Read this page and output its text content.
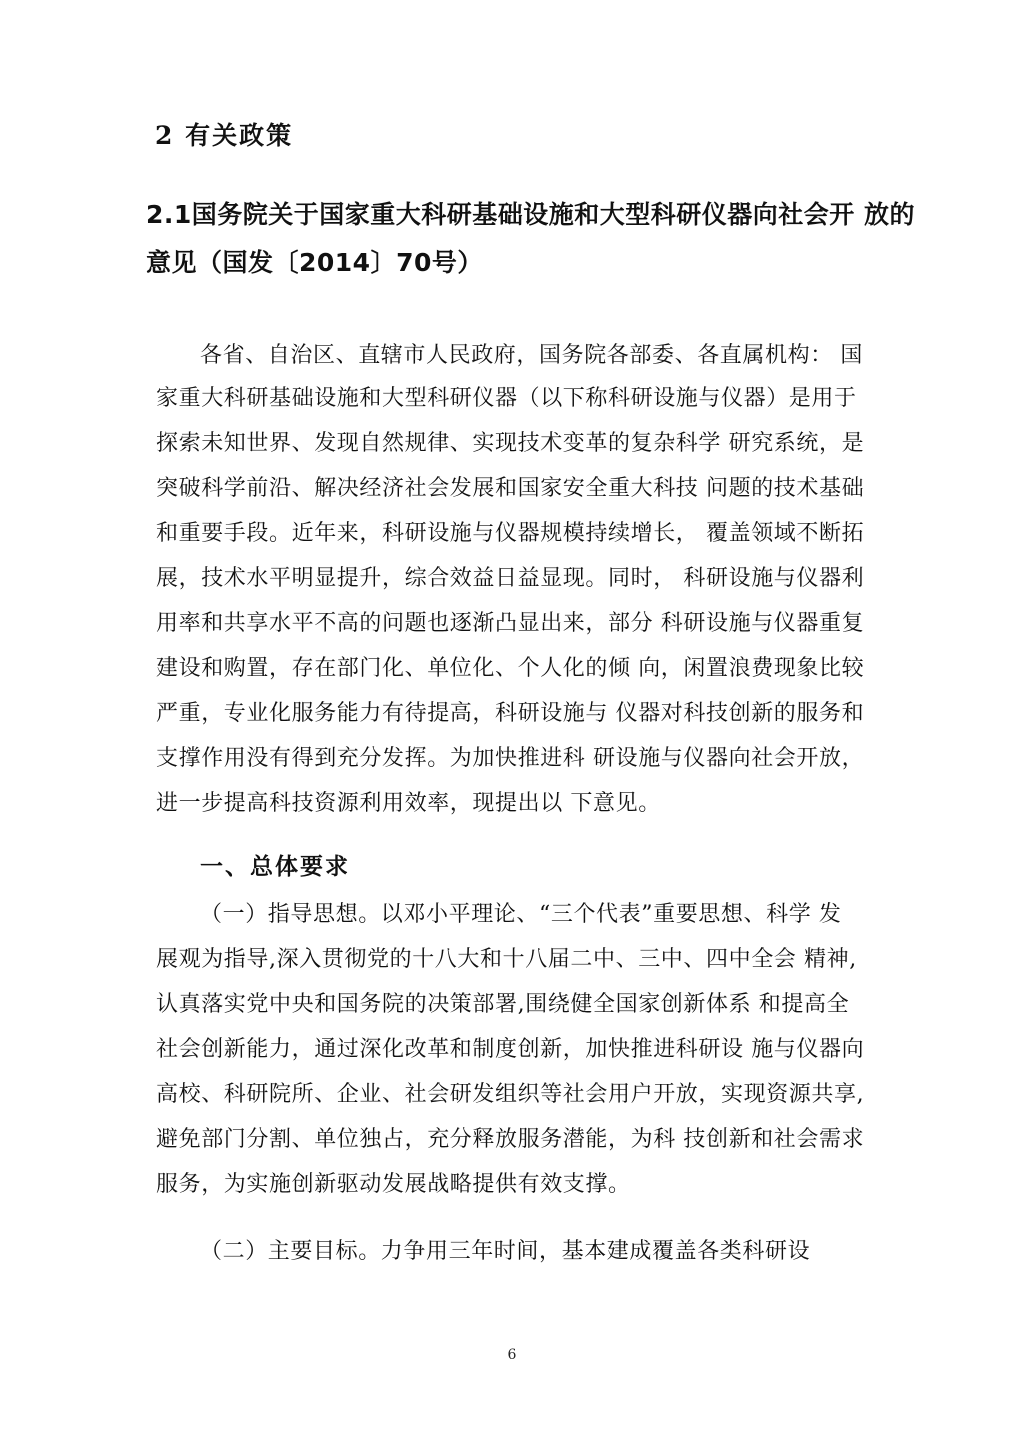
2 有关政策
2.1国务院关于国家重大科研基础设施和大型科研仪器向社会开 放的
意见（国发〔2014〕70号）
各省、自治区、直辖市人民政府，国务院各部委、各直属机构： 国
家重大科研基础设施和大型科研仪器（以下称科研设施与仪器）是用于
探索未知世界、发现自然规律、实现技术变革的复杂科学 研究系统，是
突破科学前沿、解决经济社会发展和国家安全重大科技 问题的技术基础
和重要手段。近年来，科研设施与仪器规模持续增长， 覆盖领域不断拓
展，技术水平明显提升，综合效益日益显现。同时， 科研设施与仪器利
用率和共享水平不高的问题也逐渐凸显出来，部分 科研设施与仪器重复
建设和购置，存在部门化、单位化、个人化的倾 向，闲置浪费现象比较
严重，专业化服务能力有待提高，科研设施与 仪器对科技创新的服务和
支撑作用没有得到充分发挥。为加快推进科 研设施与仪器向社会开放，
进一步提高科技资源利用效率，现提出以 下意见。
一、总体要求
（一）指导思想。以邓小平理论、“三个代表”重要思想、科学 发
展观为指导,深入贯彻党的十八大和十八届二中、三中、四中全会 精神,
认真落实党中央和国务院的决策部署,围绕健全国家创新体系 和提高全
社会创新能力，通过深化改革和制度创新，加快推进科研设 施与仪器向
高校、科研院所、企业、社会研发组织等社会用户开放，实现资源共享,
避免部门分割、单位独占，充分释放服务潜能，为科 技创新和社会需求
服务，为实施创新驱动发展战略提供有效支撑。
（二）主要目标。力争用三年时间，基本建成覆盖各类科研设
6
